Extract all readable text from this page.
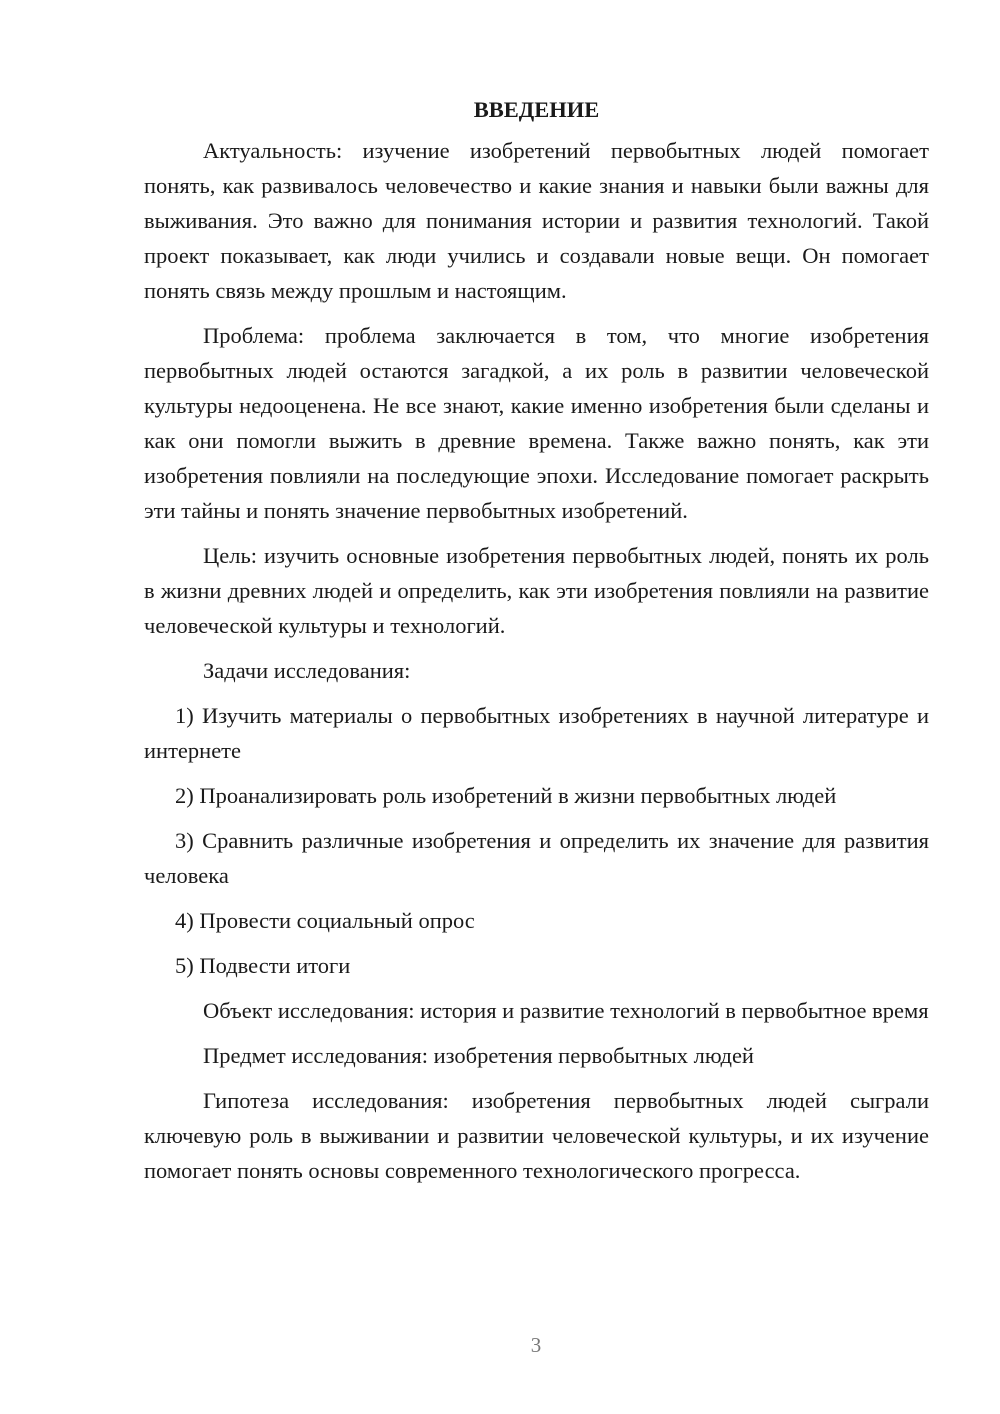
ВВЕДЕНИЕ

Актуальность: изучение изобретений первобытных людей помогает понять, как развивалось человечество и какие знания и навыки были важны для выживания. Это важно для понимания истории и развития технологий. Такой проект показывает, как люди учились и создавали новые вещи. Он помогает понять связь между прошлым и настоящим.

Проблема: проблема заключается в том, что многие изобретения первобытных людей остаются загадкой, а их роль в развитии человеческой культуры недооценена. Не все знают, какие именно изобретения были сделаны и как они помогли выжить в древние времена. Также важно понять, как эти изобретения повлияли на последующие эпохи. Исследование помогает раскрыть эти тайны и понять значение первобытных изобретений.

Цель: изучить основные изобретения первобытных людей, понять их роль в жизни древних людей и определить, как эти изобретения повлияли на развитие человеческой культуры и технологий.

Задачи исследования:

1) Изучить материалы о первобытных изобретениях в научной литературе и интернете

2) Проанализировать роль изобретений в жизни первобытных людей

3) Сравнить различные изобретения и определить их значение для развития человека

4) Провести социальный опрос

5) Подвести итоги

Объект исследования: история и развитие технологий в первобытное время

Предмет исследования: изобретения первобытных людей

Гипотеза исследования: изобретения первобытных людей сыграли ключевую роль в выживании и развитии человеческой культуры, и их изучение помогает понять основы современного технологического прогресса.

3
